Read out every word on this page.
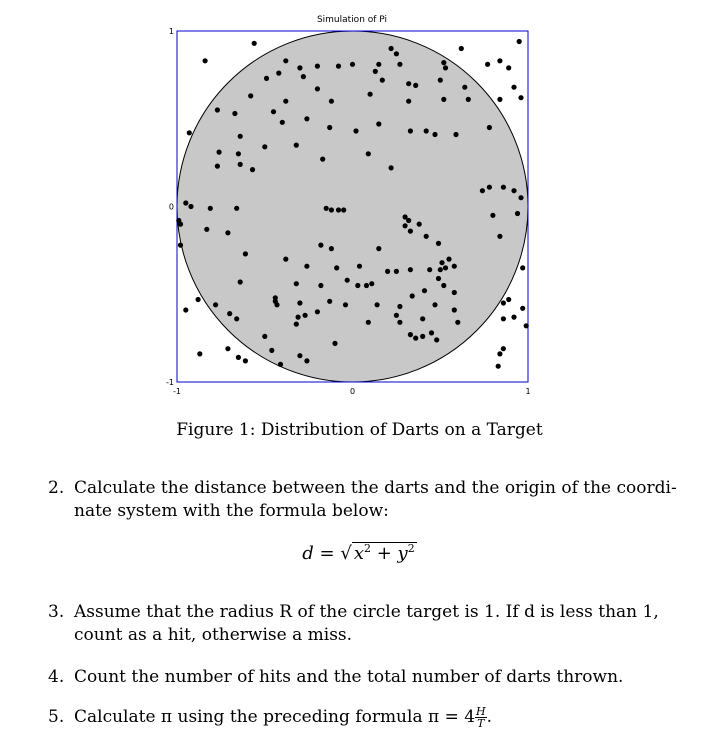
Simulation of Pi
-1	0	1
1
0
-1
Figure 1: Distribution of Darts on a Target
2. Calculate the distance between the darts and the origin of the coordi-
nate system with the formula below:
d = √ $x^2 + y^2$
3. Assume that the radius R of the circle target is 1. If d is less than 1,
count as a hit, otherwise a miss.
4. Count the number of hits and the total number of darts thrown.
5. Calculate π using the preceding formula $\pi = 4 \frac{H}{T}$ .
